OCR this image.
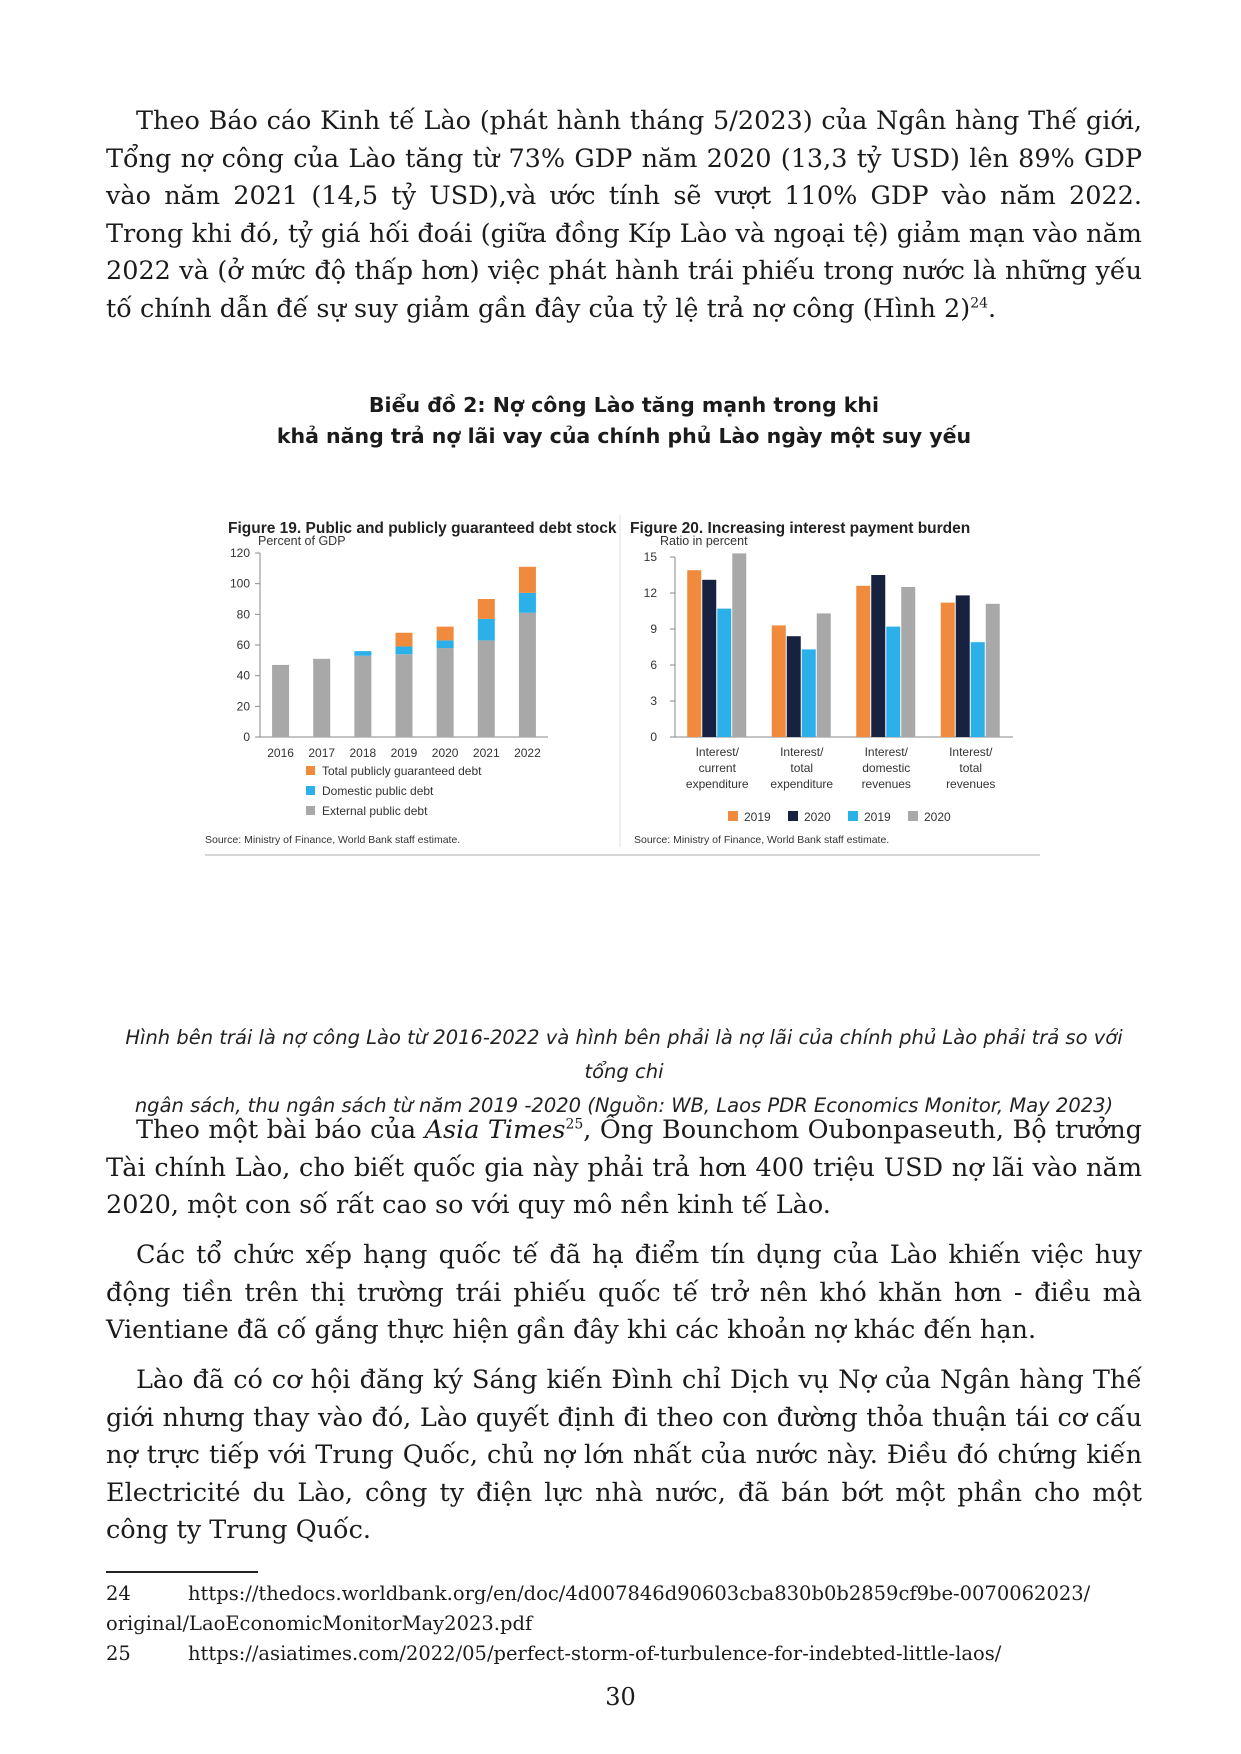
Theo Báo cáo Kinh tế Lào (phát hành tháng 5/2023) của Ngân hàng Thế giới, Tổng nợ công của Lào tăng từ 73% GDP năm 2020 (13,3 tỷ USD) lên 89% GDP vào năm 2021 (14,5 tỷ USD),và ước tính sẽ vượt 110% GDP vào năm 2022. Trong khi đó, tỷ giá hối đoái (giữa đồng Kíp Lào và ngoại tệ) giảm mạn vào năm 2022 và (ở mức độ thấp hơn) việc phát hành trái phiếu trong nước là những yếu tố chính dẫn đế sự suy giảm gần đây của tỷ lệ trả nợ công (Hình 2)$^{24}$.

Biểu đồ 2: Nợ công Lào tăng mạnh trong khi
khả năng trả nợ lãi vay của chính phủ Lào ngày một suy yếu
Figure 19. Public and publicly guaranteed debt stock
Percent of GDP
0
20
40
60
80
100
120
2016 2017 2018 2019 2020 2021 2022
Total publicly guaranteed debt
Domestic public debt
External public debt
Source: Ministry of Finance, World Bank staff estimate.
Figure 20. Increasing interest payment burden
Ratio in percent
0
3
6
9
12
15
Interest/
current
expenditure
Interest/
total
expenditure
Interest/
domestic
revenues
Interest/
total
revenues
2019	2020	2019	2020
Source: Ministry of Finance, World Bank staff estimate.
Hình bên trái là nợ công Lào từ 2016-2022 và hình bên phải là nợ lãi của chính phủ Lào phải trả so với tổng chi
ngân sách, thu ngân sách từ năm 2019 -2020 (Nguồn: WB, Laos PDR Economics Monitor, May 2023)

Theo một bài báo của Asia Times$^{25}$, Ông Bounchom Oubonpaseuth, Bộ trưởng Tài chính Lào, cho biết quốc gia này phải trả hơn 400 triệu USD nợ lãi vào năm 2020, một con số rất cao so với quy mô nền kinh tế Lào.

Các tổ chức xếp hạng quốc tế đã hạ điểm tín dụng của Lào khiến việc huy động tiền trên thị trường trái phiếu quốc tế trở nên khó khăn hơn - điều mà Vientiane đã cố gắng thực hiện gần đây khi các khoản nợ khác đến hạn.

Lào đã có cơ hội đăng ký Sáng kiến Đình chỉ Dịch vụ Nợ của Ngân hàng Thế giới nhưng thay vào đó, Lào quyết định đi theo con đường thỏa thuận tái cơ cấu nợ trực tiếp với Trung Quốc, chủ nợ lớn nhất của nước này. Điều đó chứng kiến Electricité du Lào, công ty điện lực nhà nước, đã bán bớt một phần cho một công ty Trung Quốc.

24	https://thedocs.worldbank.org/en/doc/4d007846d90603cba830b0b2859cf9be-0070062023/
original/LaoEconomicMonitorMay2023.pdf
25	https://asiatimes.com/2022/05/perfect-storm-of-turbulence-for-indebted-little-laos/
30
